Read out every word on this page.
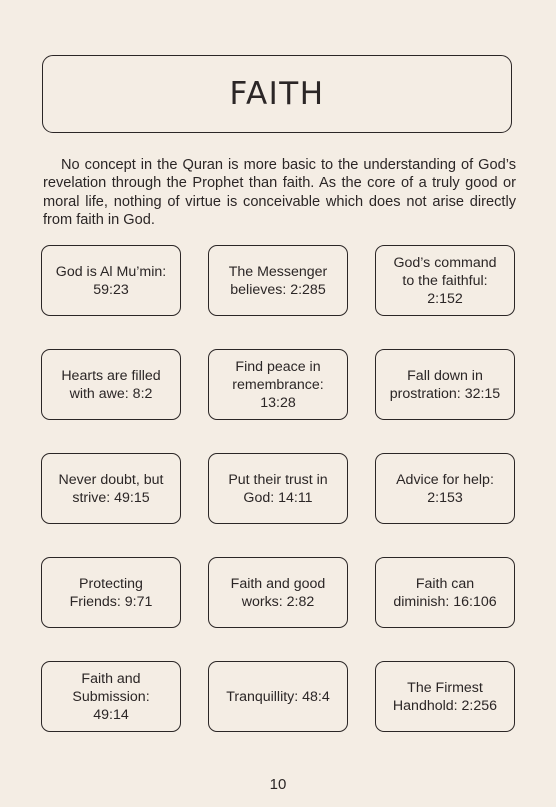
FAITH

No concept in the Quran is more basic to the understanding of God’s revelation through the Prophet than faith. As the core of a truly good or moral life, nothing of virtue is conceivable which does not arise directly from faith in God.

God is Al Mu’min: 59:23
The Messenger believes: 2:285
God’s command to the faithful: 2:152
Hearts are filled with awe: 8:2
Find peace in remembrance: 13:28
Fall down in prostration: 32:15
Never doubt, but strive: 49:15
Put their trust in God: 14:11
Advice for help: 2:153
Protecting Friends: 9:71
Faith and good works: 2:82
Faith can diminish: 16:106
Faith and Submission: 49:14
Tranquillity: 48:4
The Firmest Handhold: 2:256
10
